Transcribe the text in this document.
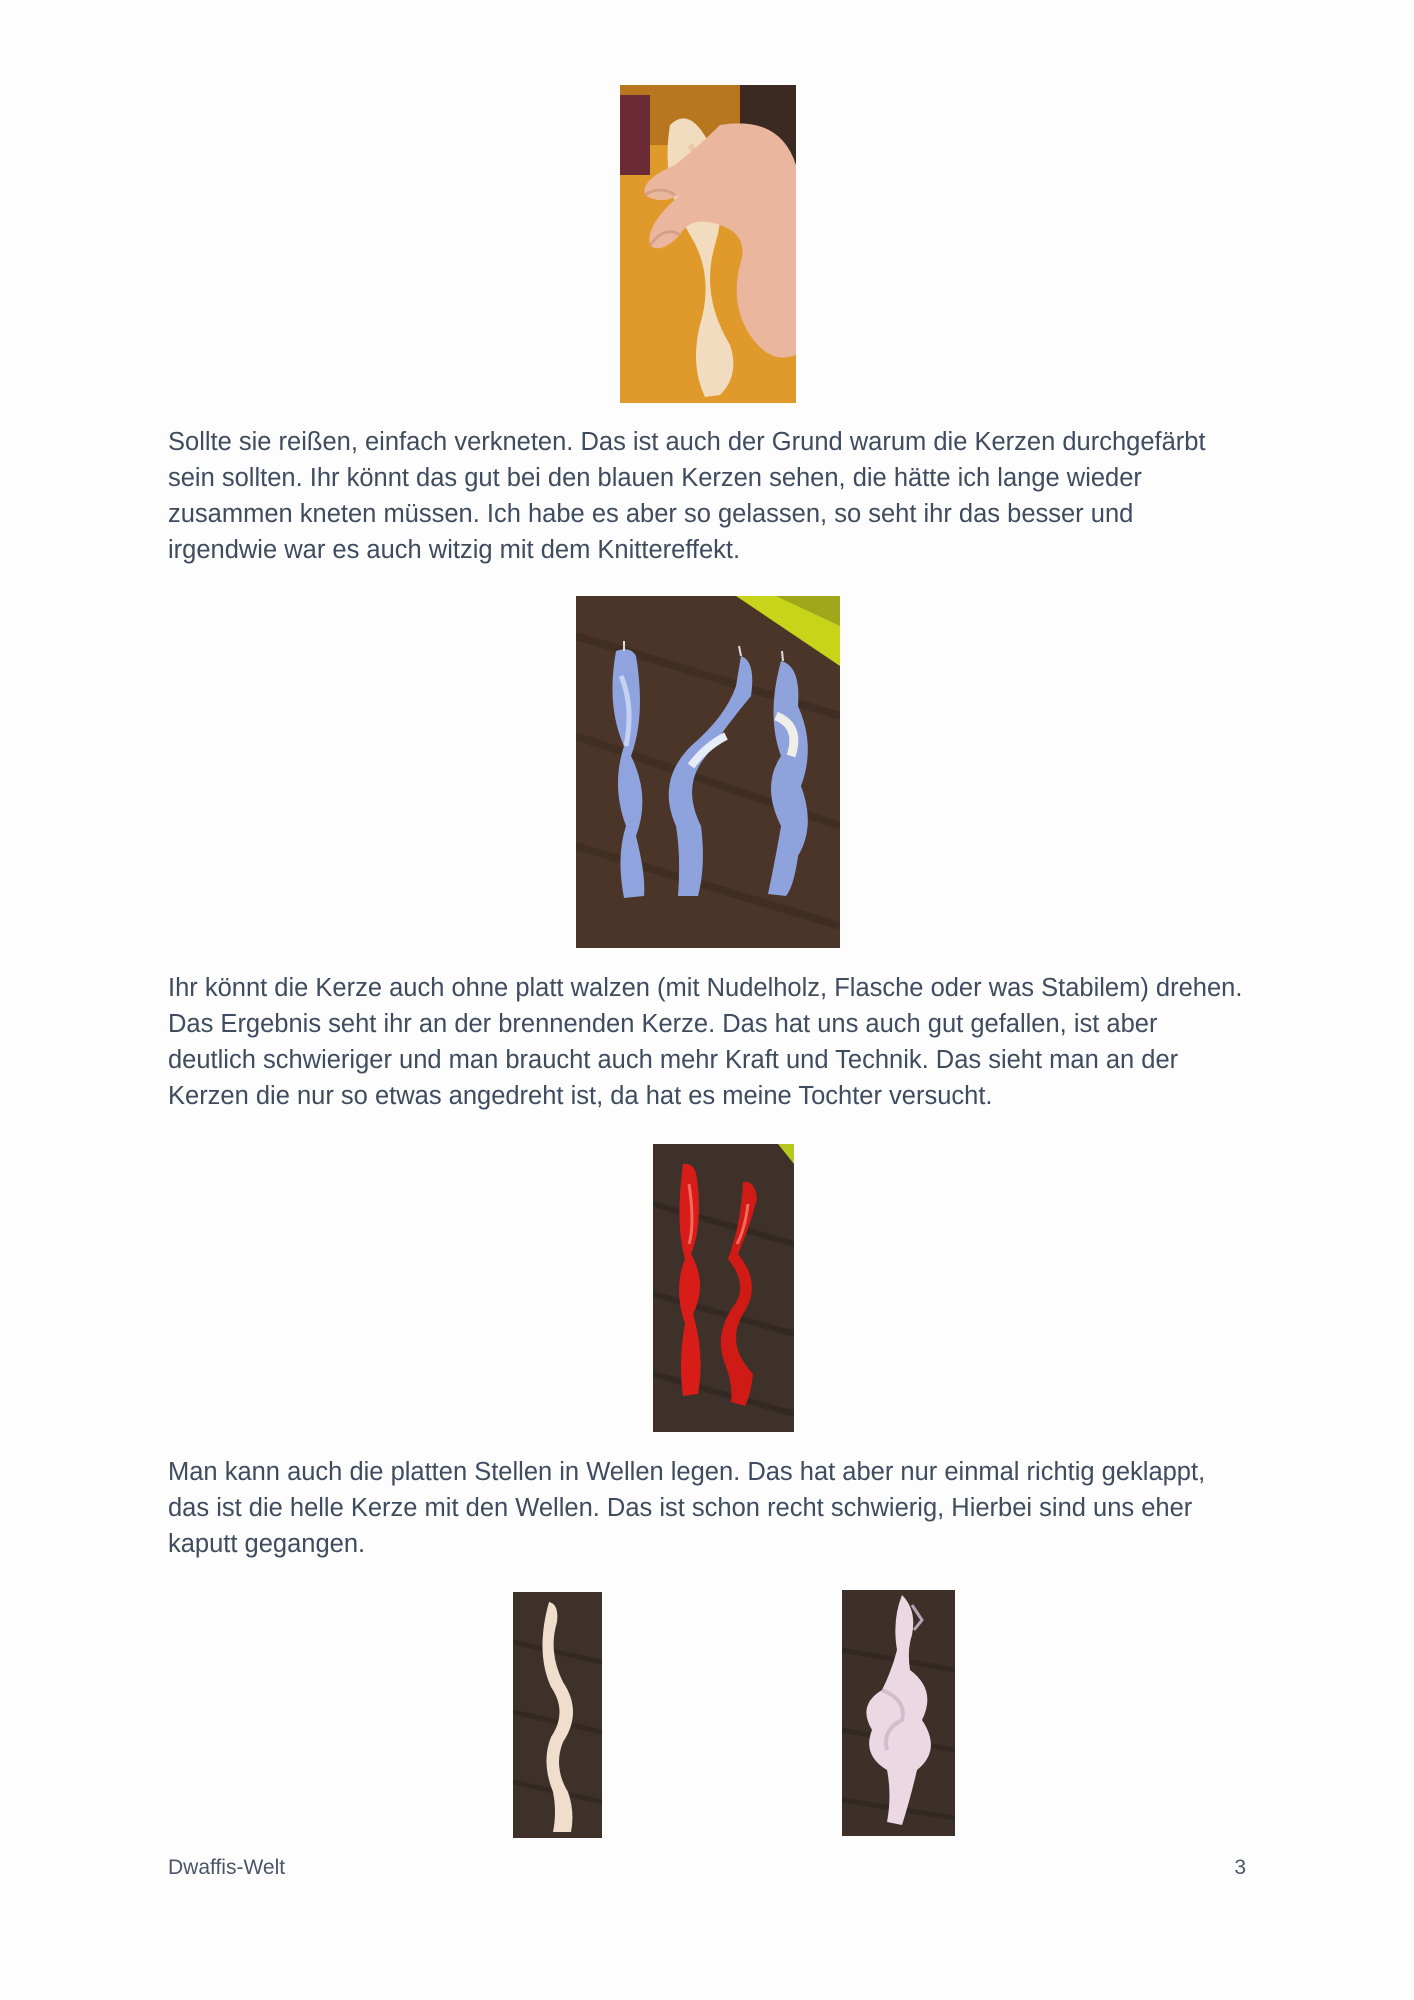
Sollte sie reißen, einfach verkneten. Das ist auch der Grund warum die Kerzen durchgefärbt sein sollten. Ihr könnt das gut bei den blauen Kerzen sehen, die hätte ich lange wieder zusammen kneten müssen. Ich habe es aber so gelassen, so seht ihr das besser und irgendwie war es auch witzig mit dem Knittereffekt.

Ihr könnt die Kerze auch ohne platt walzen (mit Nudelholz, Flasche oder was Stabilem) drehen. Das Ergebnis seht ihr an der brennenden Kerze. Das hat uns auch gut gefallen, ist aber deutlich schwieriger und man braucht auch mehr Kraft und Technik. Das sieht man an der Kerzen die nur so etwas angedreht ist, da hat es meine Tochter versucht.

Man kann auch die platten Stellen in Wellen legen. Das hat aber nur einmal richtig geklappt, das ist die helle Kerze mit den Wellen. Das ist schon recht schwierig, Hierbei sind uns eher kaputt gegangen.

Dwaffis-Welt	3
